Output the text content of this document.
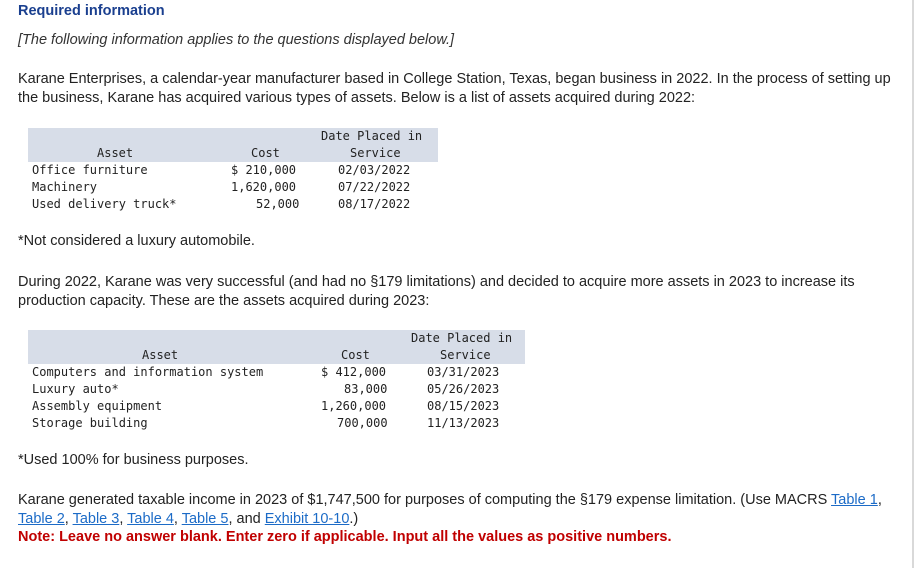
Required information
[The following information applies to the questions displayed below.]
Karane Enterprises, a calendar-year manufacturer based in College Station, Texas, began business in 2022. In the process of setting up the business, Karane has acquired various types of assets. Below is a list of assets acquired during 2022:
Date Placed in
Asset	Cost	Service
Office furniture	$ 210,000	02/03/2022
Machinery	1,620,000	07/22/2022
Used delivery truck*	52,000	08/17/2022
*Not considered a luxury automobile.
During 2022, Karane was very successful (and had no §179 limitations) and decided to acquire more assets in 2023 to increase its production capacity. These are the assets acquired during 2023:
Date Placed in
Asset	Cost	Service
Computers and information system	$ 412,000	03/31/2023
Luxury auto*	83,000	05/26/2023
Assembly equipment	1,260,000	08/15/2023
Storage building	700,000	11/13/2023
*Used 100% for business purposes.
Karane generated taxable income in 2023 of $1,747,500 for purposes of computing the §179 expense limitation. (Use MACRS Table 1, Table 2, Table 3, Table 4, Table 5, and Exhibit 10-10.)
Note: Leave no answer blank. Enter zero if applicable. Input all the values as positive numbers.
